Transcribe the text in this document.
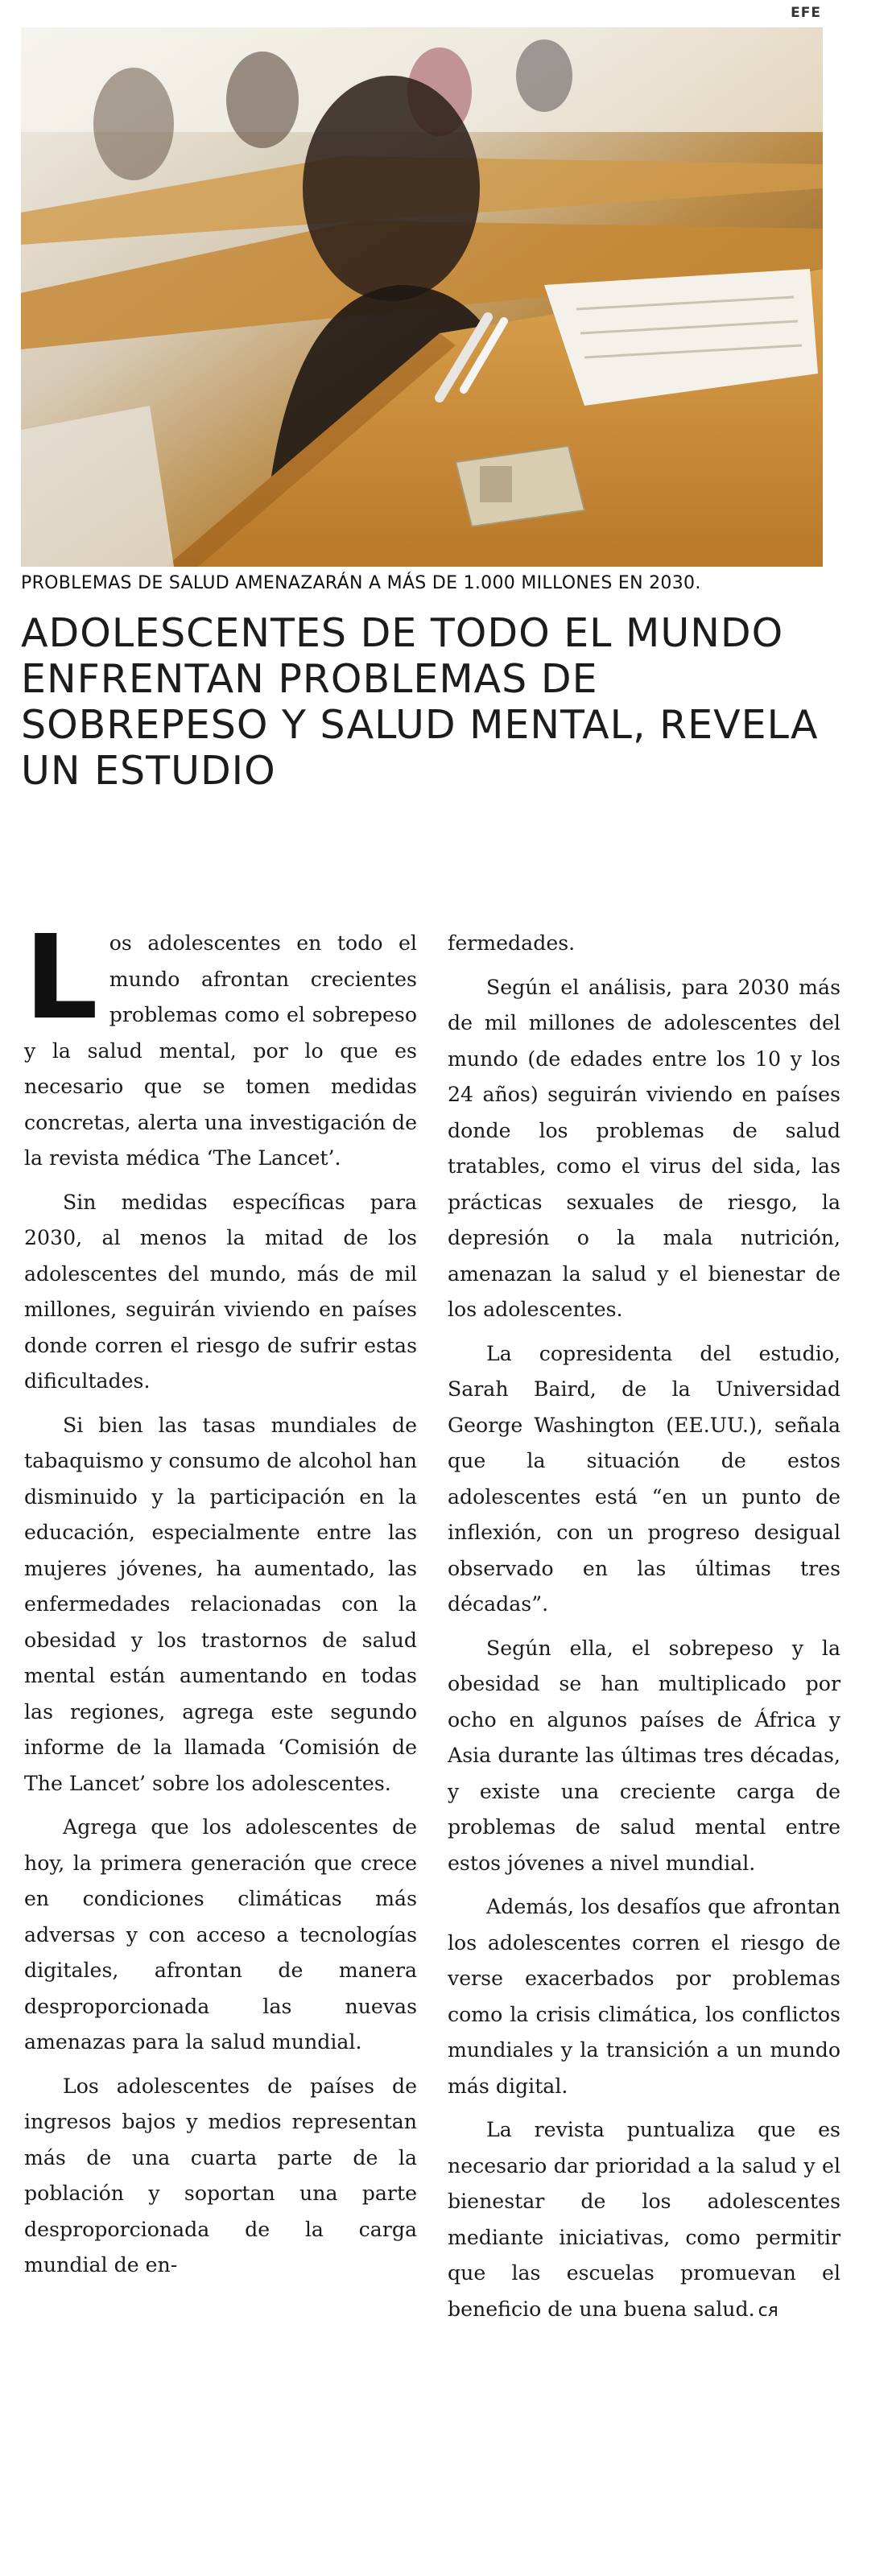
EFE
PROBLEMAS DE SALUD AMENAZARÁN A MÁS DE 1.000 MILLONES EN 2030.
ADOLESCENTES DE TODO EL MUNDO ENFRENTAN PROBLEMAS DE SOBREPESO Y SALUD MENTAL, REVELA UN ESTUDIO

Los adolescentes en todo el mundo afrontan crecientes problemas como el sobrepeso y la salud mental, por lo que es necesario que se tomen medidas concretas, alerta una investigación de la revista médica ‘The Lancet’.

Sin medidas específicas para 2030, al menos la mitad de los adolescentes del mundo, más de mil millones, seguirán viviendo en países donde corren el riesgo de sufrir estas dificultades.

Si bien las tasas mundiales de tabaquismo y consumo de alcohol han disminuido y la participación en la educación, especialmente entre las mujeres jóvenes, ha aumentado, las enfermedades relacionadas con la obesidad y los trastornos de salud mental están aumentando en todas las regiones, agrega este segundo informe de la llamada ‘Comisión de The Lancet’ sobre los adolescentes.

Agrega que los adolescentes de hoy, la primera generación que crece en condiciones climáticas más adversas y con acceso a tecnologías digitales, afrontan de manera desproporcionada las nuevas amenazas para la salud mundial.

Los adolescentes de países de ingresos bajos y medios representan más de una cuarta parte de la población y soportan una parte desproporcionada de la carga mundial de en-

fermedades.

Según el análisis, para 2030 más de mil millones de adolescentes del mundo (de edades entre los 10 y los 24 años) seguirán viviendo en países donde los problemas de salud tratables, como el virus del sida, las prácticas sexuales de riesgo, la depresión o la mala nutrición, amenazan la salud y el bienestar de los adolescentes.

La copresidenta del estudio, Sarah Baird, de la Universidad George Washington (EE.UU.), señala que la situación de estos adolescentes está “en un punto de inflexión, con un progreso desigual observado en las últimas tres décadas”.

Según ella, el sobrepeso y la obesidad se han multiplicado por ocho en algunos países de África y Asia durante las últimas tres décadas, y existe una creciente carga de problemas de salud mental entre estos jóvenes a nivel mundial.

Además, los desafíos que afrontan los adolescentes corren el riesgo de verse exacerbados por problemas como la crisis climática, los conflictos mundiales y la transición a un mundo más digital.

La revista puntualiza que es necesario dar prioridad a la salud y el bienestar de los adolescentes mediante iniciativas, como permitir que las escuelas promuevan el beneficio de una buena salud. ᴄᴙ
